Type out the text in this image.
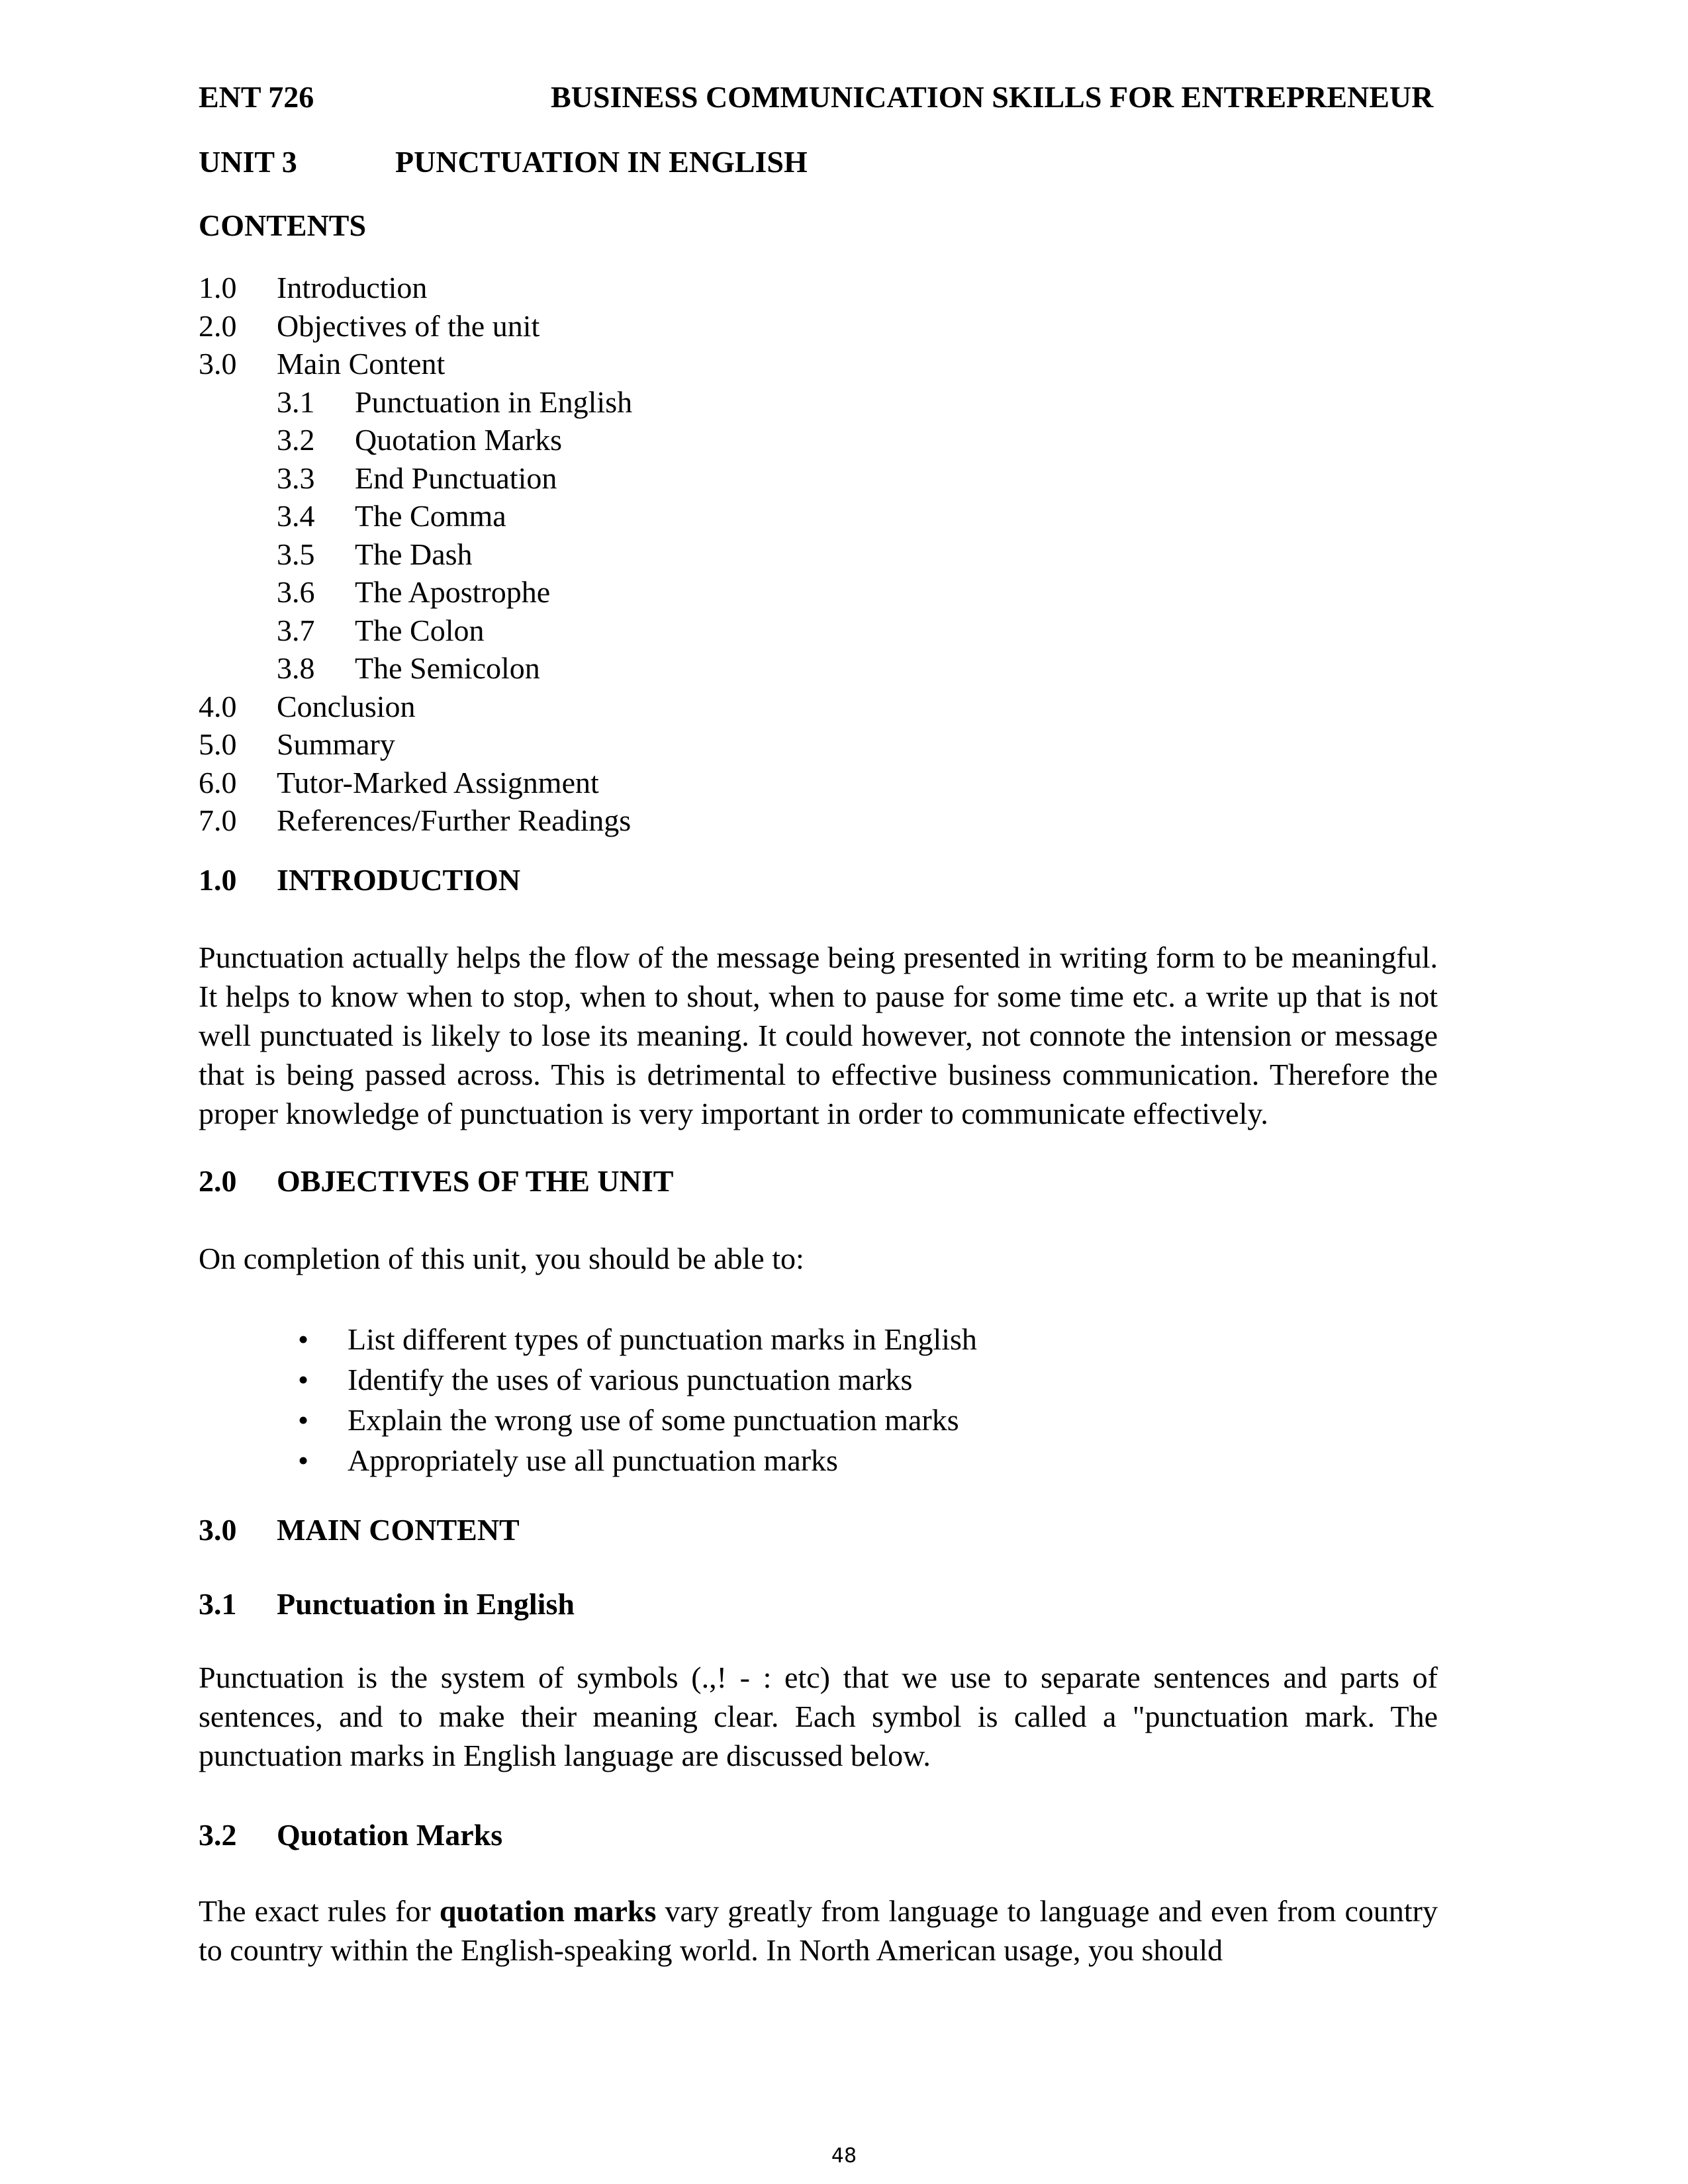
ENT 726	BUSINESS COMMUNICATION SKILLS FOR ENTREPRENEUR
UNIT 3	PUNCTUATION IN ENGLISH
CONTENTS
1.0 Introduction
2.0 Objectives of the unit
3.0 Main Content
3.1 Punctuation in English
3.2 Quotation Marks
3.3 End Punctuation
3.4 The Comma
3.5 The Dash
3.6 The Apostrophe
3.7 The Colon
3.8 The Semicolon
4.0 Conclusion
5.0 Summary
6.0 Tutor-Marked Assignment
7.0 References/Further Readings
1.0 INTRODUCTION

Punctuation actually helps the flow of the message being presented in writing form to be meaningful. It helps to know when to stop, when to shout, when to pause for some time etc. a write up that is not well punctuated is likely to lose its meaning. It could however, not connote the intension or message that is being passed across. This is detrimental to effective business communication. Therefore the proper knowledge of punctuation is very important in order to communicate effectively.

2.0 OBJECTIVES OF THE UNIT

On completion of this unit, you should be able to:

• List different types of punctuation marks in English
• Identify the uses of various punctuation marks
• Explain the wrong use of some punctuation marks
• Appropriately use all punctuation marks
3.0 MAIN CONTENT
3.1 Punctuation in English

Punctuation is the system of symbols (.,! - : etc) that we use to separate sentences and parts of sentences, and to make their meaning clear. Each symbol is called a "punctuation mark. The punctuation marks in English language are discussed below.

3.2 Quotation Marks

The exact rules for quotation marks vary greatly from language to language and even from country to country within the English-speaking world. In North American usage, you should

48
